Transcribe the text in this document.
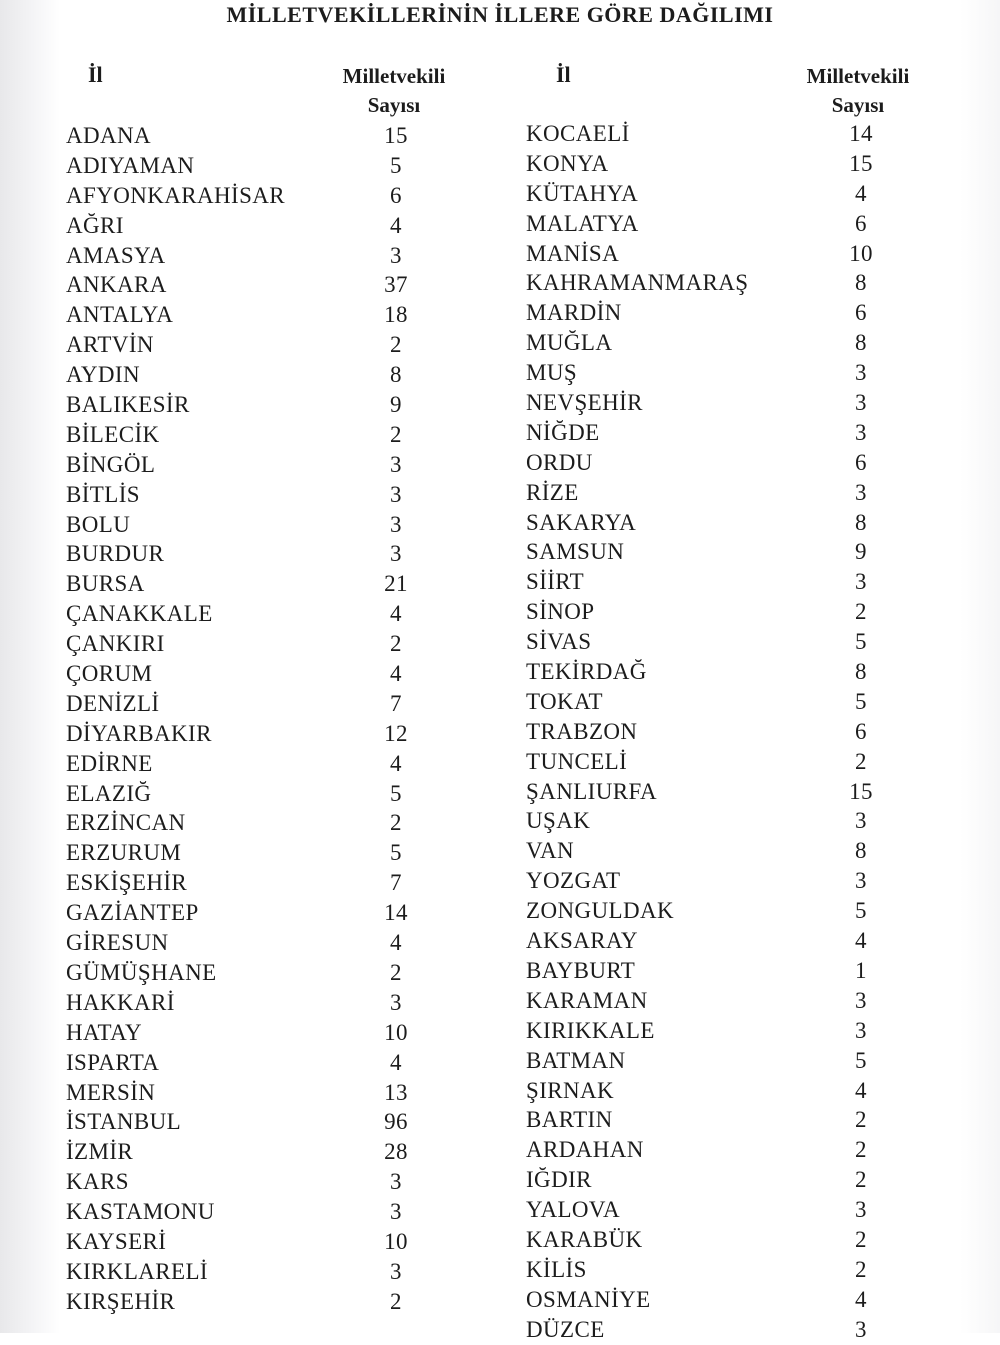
MİLLETVEKİLLERİNİN İLLERE GÖRE DAĞILIMI
İl	Milletvekili
Sayısı
ADANA	15
ADIYAMAN	5
AFYONKARAHİSAR	6
AĞRI	4
AMASYA	3
ANKARA	37
ANTALYA	18
ARTVİN	2
AYDIN	8
BALIKESİR	9
BİLECİK	2
BİNGÖL	3
BİTLİS	3
BOLU	3
BURDUR	3
BURSA	21
ÇANAKKALE	4
ÇANKIRI	2
ÇORUM	4
DENİZLİ	7
DİYARBAKIR	12
EDİRNE	4
ELAZIĞ	5
ERZİNCAN	2
ERZURUM	5
ESKİŞEHİR	7
GAZİANTEP	14
GİRESUN	4
GÜMÜŞHANE	2
HAKKARİ	3
HATAY	10
ISPARTA	4
MERSİN	13
İSTANBUL	96
İZMİR	28
KARS	3
KASTAMONU	3
KAYSERİ	10
KIRKLARELİ	3
KIRŞEHİR	2
İl	Milletvekili
Sayısı
KOCAELİ	14
KONYA	15
KÜTAHYA	4
MALATYA	6
MANİSA	10
KAHRAMANMARAŞ	8
MARDİN	6
MUĞLA	8
MUŞ	3
NEVŞEHİR	3
NİĞDE	3
ORDU	6
RİZE	3
SAKARYA	8
SAMSUN	9
SİİRT	3
SİNOP	2
SİVAS	5
TEKİRDAĞ	8
TOKAT	5
TRABZON	6
TUNCELİ	2
ŞANLIURFA	15
UŞAK	3
VAN	8
YOZGAT	3
ZONGULDAK	5
AKSARAY	4
BAYBURT	1
KARAMAN	3
KIRIKKALE	3
BATMAN	5
ŞIRNAK	4
BARTIN	2
ARDAHAN	2
IĞDIR	2
YALOVA	3
KARABÜK	2
KİLİS	2
OSMANİYE	4
DÜZCE	3
